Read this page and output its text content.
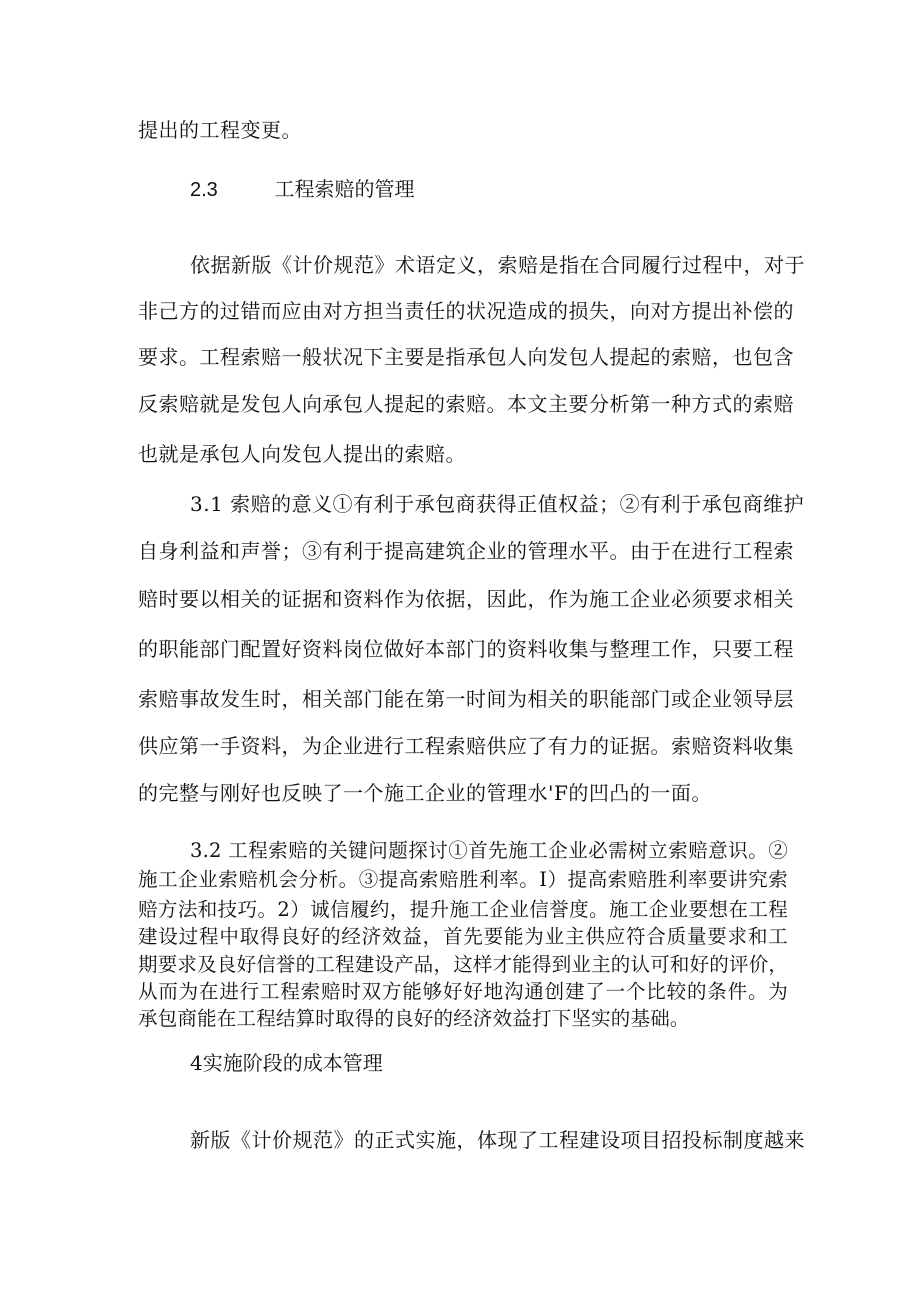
提出的工程变更。
2.3	工程索赔的管理
依据新版《计价规范》术语定义，索赔是指在合同履行过程中，对于
非己方的过错而应由对方担当责任的状况造成的损失，向对方提出补偿的
要求。工程索赔一般状况下主要是指承包人向发包人提起的索赔，也包含
反索赔就是发包人向承包人提起的索赔。本文主要分析第一种方式的索赔
也就是承包人向发包人提出的索赔。
3.1 索赔的意义①有利于承包商获得正值权益；②有利于承包商维护
自身利益和声誉；③有利于提高建筑企业的管理水平。由于在进行工程索
赔时要以相关的证据和资料作为依据，因此，作为施工企业必须要求相关
的职能部门配置好资料岗位做好本部门的资料收集与整理工作，只要工程
索赔事故发生时，相关部门能在第一时间为相关的职能部门或企业领导层
供应第一手资料，为企业进行工程索赔供应了有力的证据。索赔资料收集
的完整与刚好也反映了一个施工企业的管理水'F的凹凸的一面。
3.2 工程索赔的关键问题探讨①首先施工企业必需树立索赔意识。②
施工企业索赔机会分析。③提高索赔胜利率。I）提高索赔胜利率要讲究索
赔方法和技巧。2）诚信履约，提升施工企业信誉度。施工企业要想在工程
建设过程中取得良好的经济效益，首先要能为业主供应符合质量要求和工
期要求及良好信誉的工程建设产品，这样才能得到业主的认可和好的评价，
从而为在进行工程索赔时双方能够好好地沟通创建了一个比较的条件。为
承包商能在工程结算时取得的良好的经济效益打下坚实的基础。
4实施阶段的成本管理
新版《计价规范》的正式实施，体现了工程建设项目招投标制度越来
